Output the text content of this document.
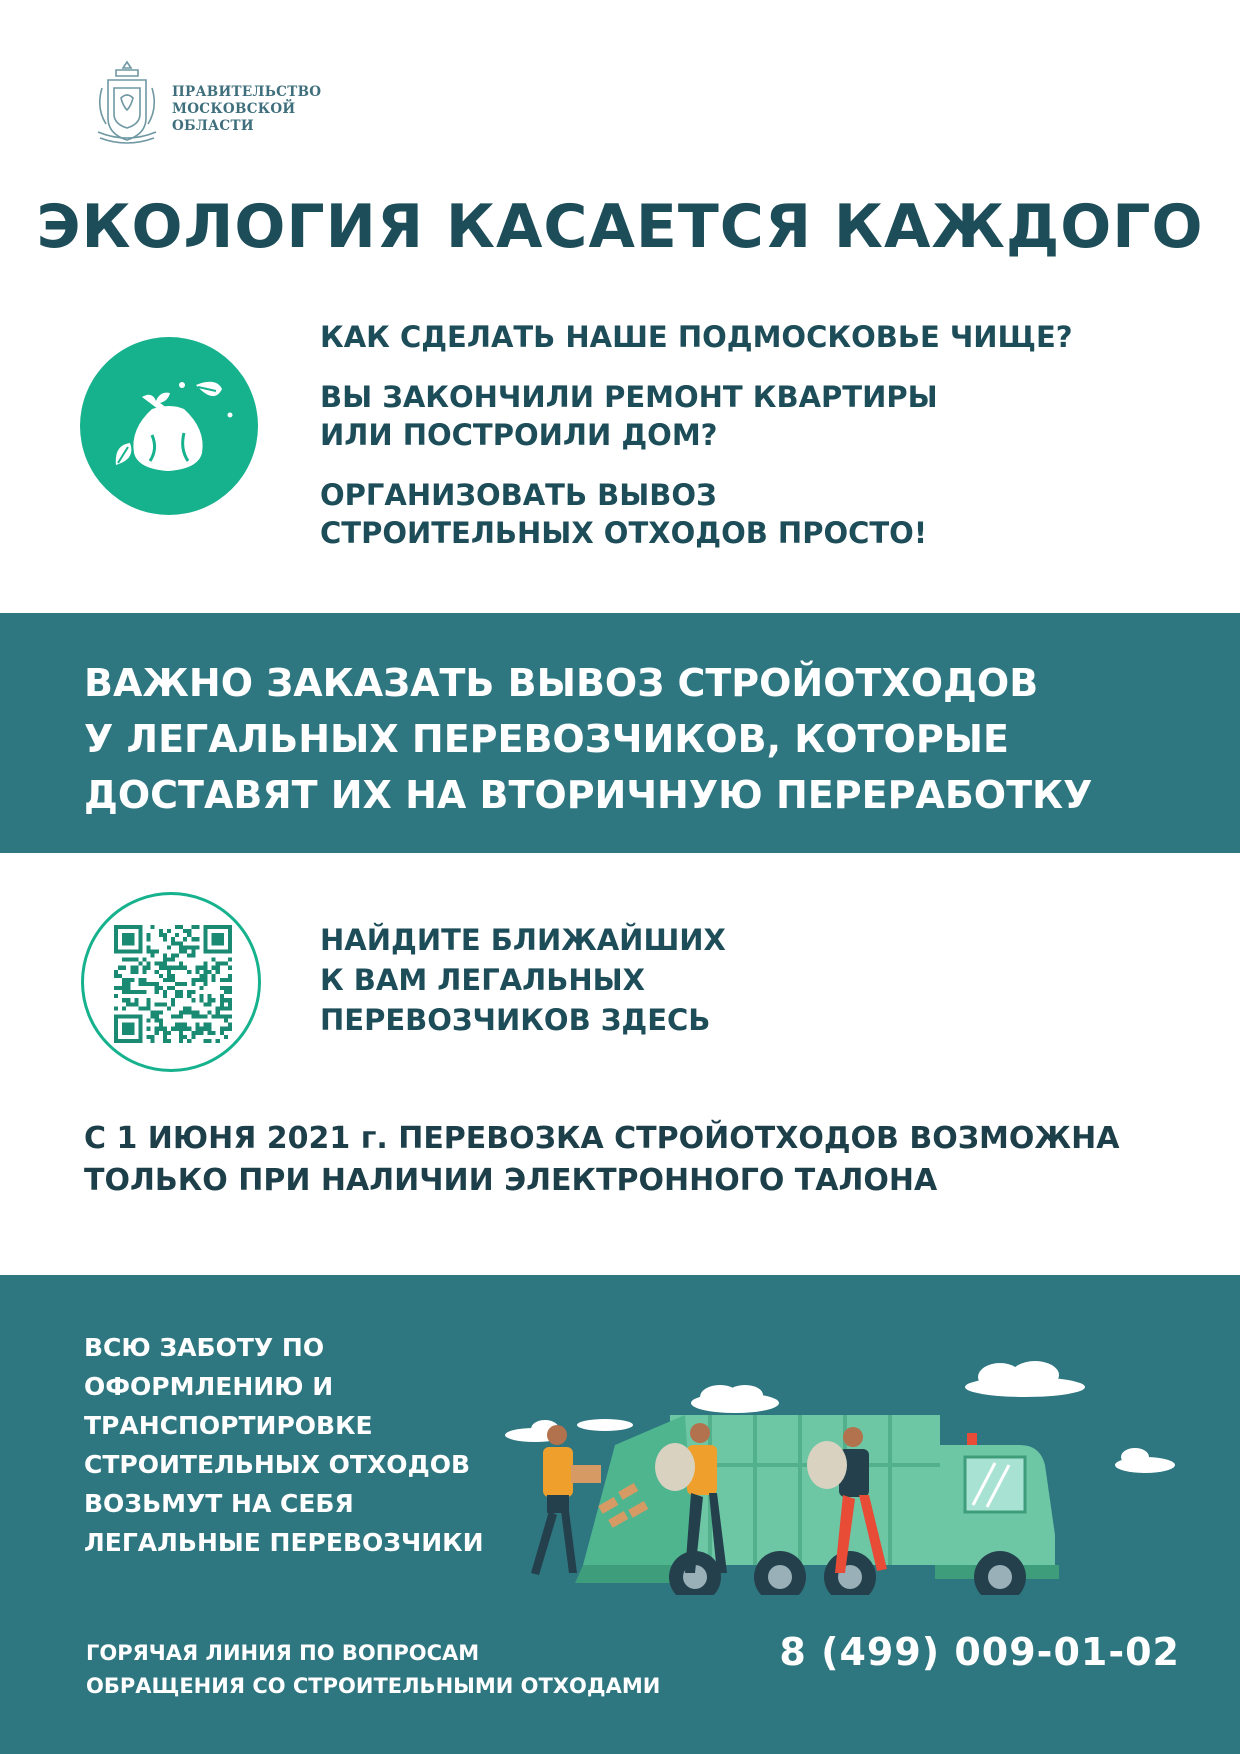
ПРАВИТЕЛЬСТВО
МОСКОВСКОЙ
ОБЛАСТИ
ЭКОЛОГИЯ КАСАЕТСЯ КАЖДОГО
КАК СДЕЛАТЬ НАШЕ ПОДМОСКОВЬЕ ЧИЩЕ?
ВЫ ЗАКОНЧИЛИ РЕМОНТ КВАРТИРЫ
ИЛИ ПОСТРОИЛИ ДОМ?
ОРГАНИЗОВАТЬ ВЫВОЗ
СТРОИТЕЛЬНЫХ ОТХОДОВ ПРОСТО!
ВАЖНО ЗАКАЗАТЬ ВЫВОЗ СТРОЙОТХОДОВ
У ЛЕГАЛЬНЫХ ПЕРЕВОЗЧИКОВ, КОТОРЫЕ
ДОСТАВЯТ ИХ НА ВТОРИЧНУЮ ПЕРЕРАБОТКУ
НАЙДИТЕ БЛИЖАЙШИХ
К ВАМ ЛЕГАЛЬНЫХ
ПЕРЕВОЗЧИКОВ ЗДЕСЬ
С 1 ИЮНЯ 2021 г. ПЕРЕВОЗКА СТРОЙОТХОДОВ ВОЗМОЖНА
ТОЛЬКО ПРИ НАЛИЧИИ ЭЛЕКТРОННОГО ТАЛОНА
ВСЮ ЗАБОТУ ПО
ОФОРМЛЕНИЮ И
ТРАНСПОРТИРОВКЕ
СТРОИТЕЛЬНЫХ ОТХОДОВ
ВОЗЬМУТ НА СЕБЯ
ЛЕГАЛЬНЫЕ ПЕРЕВОЗЧИКИ
ГОРЯЧАЯ ЛИНИЯ ПО ВОПРОСАМ
ОБРАЩЕНИЯ СО СТРОИТЕЛЬНЫМИ ОТХОДАМИ
8 (499) 009-01-02
